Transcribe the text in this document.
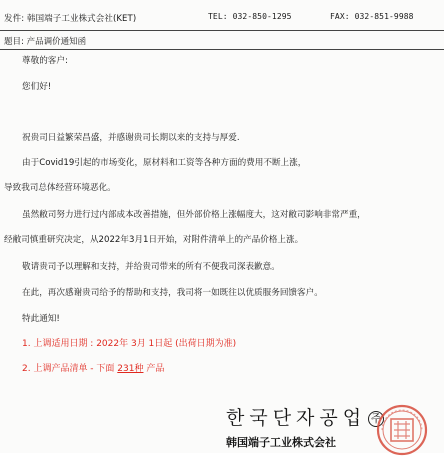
发件: 韩国端子工业株式会社(KET)	TEL: 032-850-1295	FAX: 032-851-9988
题目: 产品调价通知函
尊敬的客户:
您们好!
祝贵司日益繁荣昌盛，并感谢贵司长期以来的支持与厚爱.
由于Covid19引起的市场变化，原材料和工资等各种方面的费用不断上涨，
导致我司总体经营环境恶化。
虽然敝司努力进行过内部成本改善措施，但外部价格上涨幅度大，这对敝司影响非常严重，
经敝司慎重研究决定，从2022年3月1日开始，对附件清单上的产品价格上涨。
敬请贵司予以理解和支持，并给贵司带来的所有不便我司深表歉意。
在此，再次感谢贵司给予的帮助和支持，我司将一如既往以优质服务回馈客户。
特此通知!
1. 上调适用日期 : 2022年 3月 1日起 (出荷日期为准)
2. 上调产品清单 - 下面 231种 产品
한국단자공업 주
韩国端子工业株式会社
